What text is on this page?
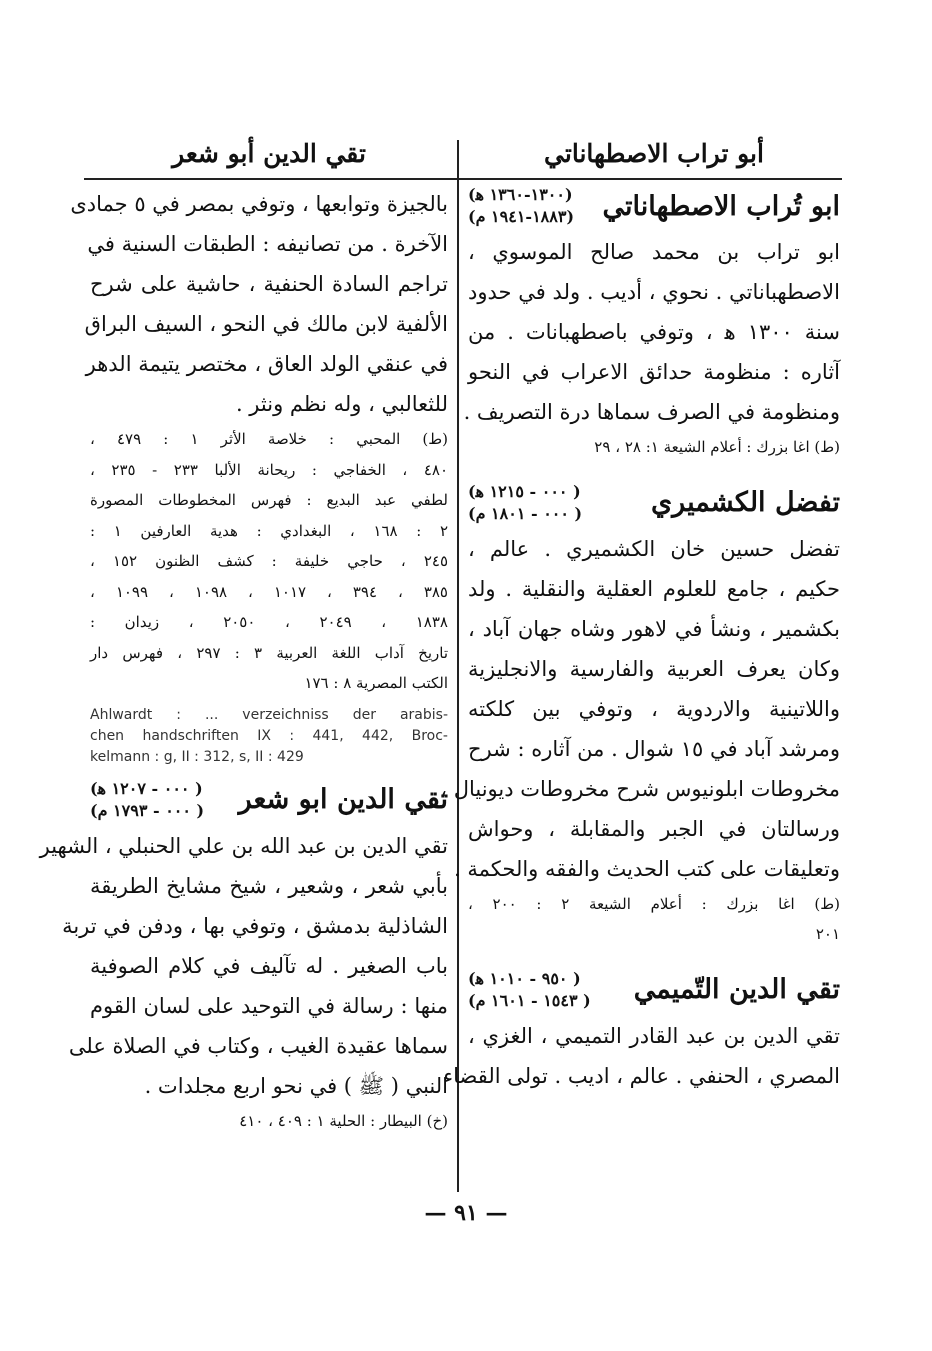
أبو تراب الاصطهاناتي
ابو تُراب الاصطهاناتي
(١٣٠٠-١٣٦٠ ﻫ)
(١٨٨٣-١٩٤١ م)
ابو تراب بن محمد صالح الموسوي ،
الاصطهباناتي . نحوي ، أديب . ولد في حدود
سنة ١٣٠٠ ﻫ ، وتوفي باصطهبانات . من
آثاره : منظومة حدائق الاعراب في النحو
ومنظومة في الصرف سماها درة التصريف .
(ط) اغا بزرك : أعلام الشيعة ١: ٢٨ ، ٢٩
تفضل الكشميري
( ٠٠٠ - ١٢١٥ ﻫ)
( ٠٠٠ - ١٨٠١ م)
تفضل حسين خان الكشميري . عالم ،
حكيم ، جامع للعلوم العقلية والنقلية . ولد
بكشمير ، ونشأ في لاهور وشاه جهان آباد ،
وكان يعرف العربية والفارسية والانجليزية
واللاتينية والاردوية ، وتوفي بين كلكته
ومرشد آباد في ١٥ شوال . من آثاره : شرح
مخروطات ابلونيوس شرح مخروطات ديونيال ،
ورسالتان في الجبر والمقابلة ، وحواش
وتعليقات على كتب الحديث والفقه والحكمة .
(ط) اغا بزرك : أعلام الشيعة ٢ : ٢٠٠ ،
٢٠١
تقي الدين التّميمي
( ٩٥٠ - ١٠١٠ ﻫ)
( ١٥٤٣ - ١٦٠١ م)
تقي الدين بن عبد القادر التميمي ، الغزي ،
المصري ، الحنفي . عالم ، اديب . تولى القضاء
تقي الدين أبو شعر
بالجيزة وتوابعها ، وتوفي بمصر في ٥ جمادى
الآخرة . من تصانيفه : الطبقات السنية في
تراجم السادة الحنفية ، حاشية على شرح
الألفية لابن مالك في النحو ، السيف البراق
في عنقي الولد العاق ، مختصر يتيمة الدهر
للثعالبي ، وله نظم ونثر .
(ط) المحبي : خلاصة الأثر ١ : ٤٧٩ ،
٤٨٠ ، الخفاجي : ريحانة الألبا ٢٣٣ - ٢٣٥ ،
لطفي عبد البديع : فهرس المخطوطات المصورة
٢ : ١٦٨ ، البغدادي : هدية العارفين ١ :
٢٤٥ ، حاجي خليفة : كشف الظنون ١٥٢ ،
٣٨٥ ، ٣٩٤ ، ١٠١٧ ، ١٠٩٨ ، ١٠٩٩ ،
١٨٣٨ ، ٢٠٤٩ ، ٢٠٥٠ ، زيدان :
تاريخ آداب اللغة العربية ٣ : ٢٩٧ ، فهرس دار
الكتب المصرية ٨ : ١٧٦
Ahlwardt : ... verzeichniss der arabis-
chen handschriften IX : 441, 442, Broc-
kelmann : g, II : 312, s, II : 429
تقي الدين ابو شعر
( ٠٠٠ - ١٢٠٧ ﻫ)
( ٠٠٠ - ١٧٩٣ م)
تقي الدين بن عبد الله بن علي الحنبلي ، الشهير
بأبي شعر ، وشعير ، شيخ مشايخ الطريقة
الشاذلية بدمشق ، وتوفي بها ، ودفن في تربة
باب الصغير . له تآليف في كلام الصوفية
منها : رسالة في التوحيد على لسان القوم
سماها عقيدة الغيب ، وكتاب في الصلاة على
النبي ( ﷺ ) في نحو اربع مجلدات .
(خ) البيطار : الحلية ١ : ٤٠٩ ، ٤١٠
— ٩١ —
